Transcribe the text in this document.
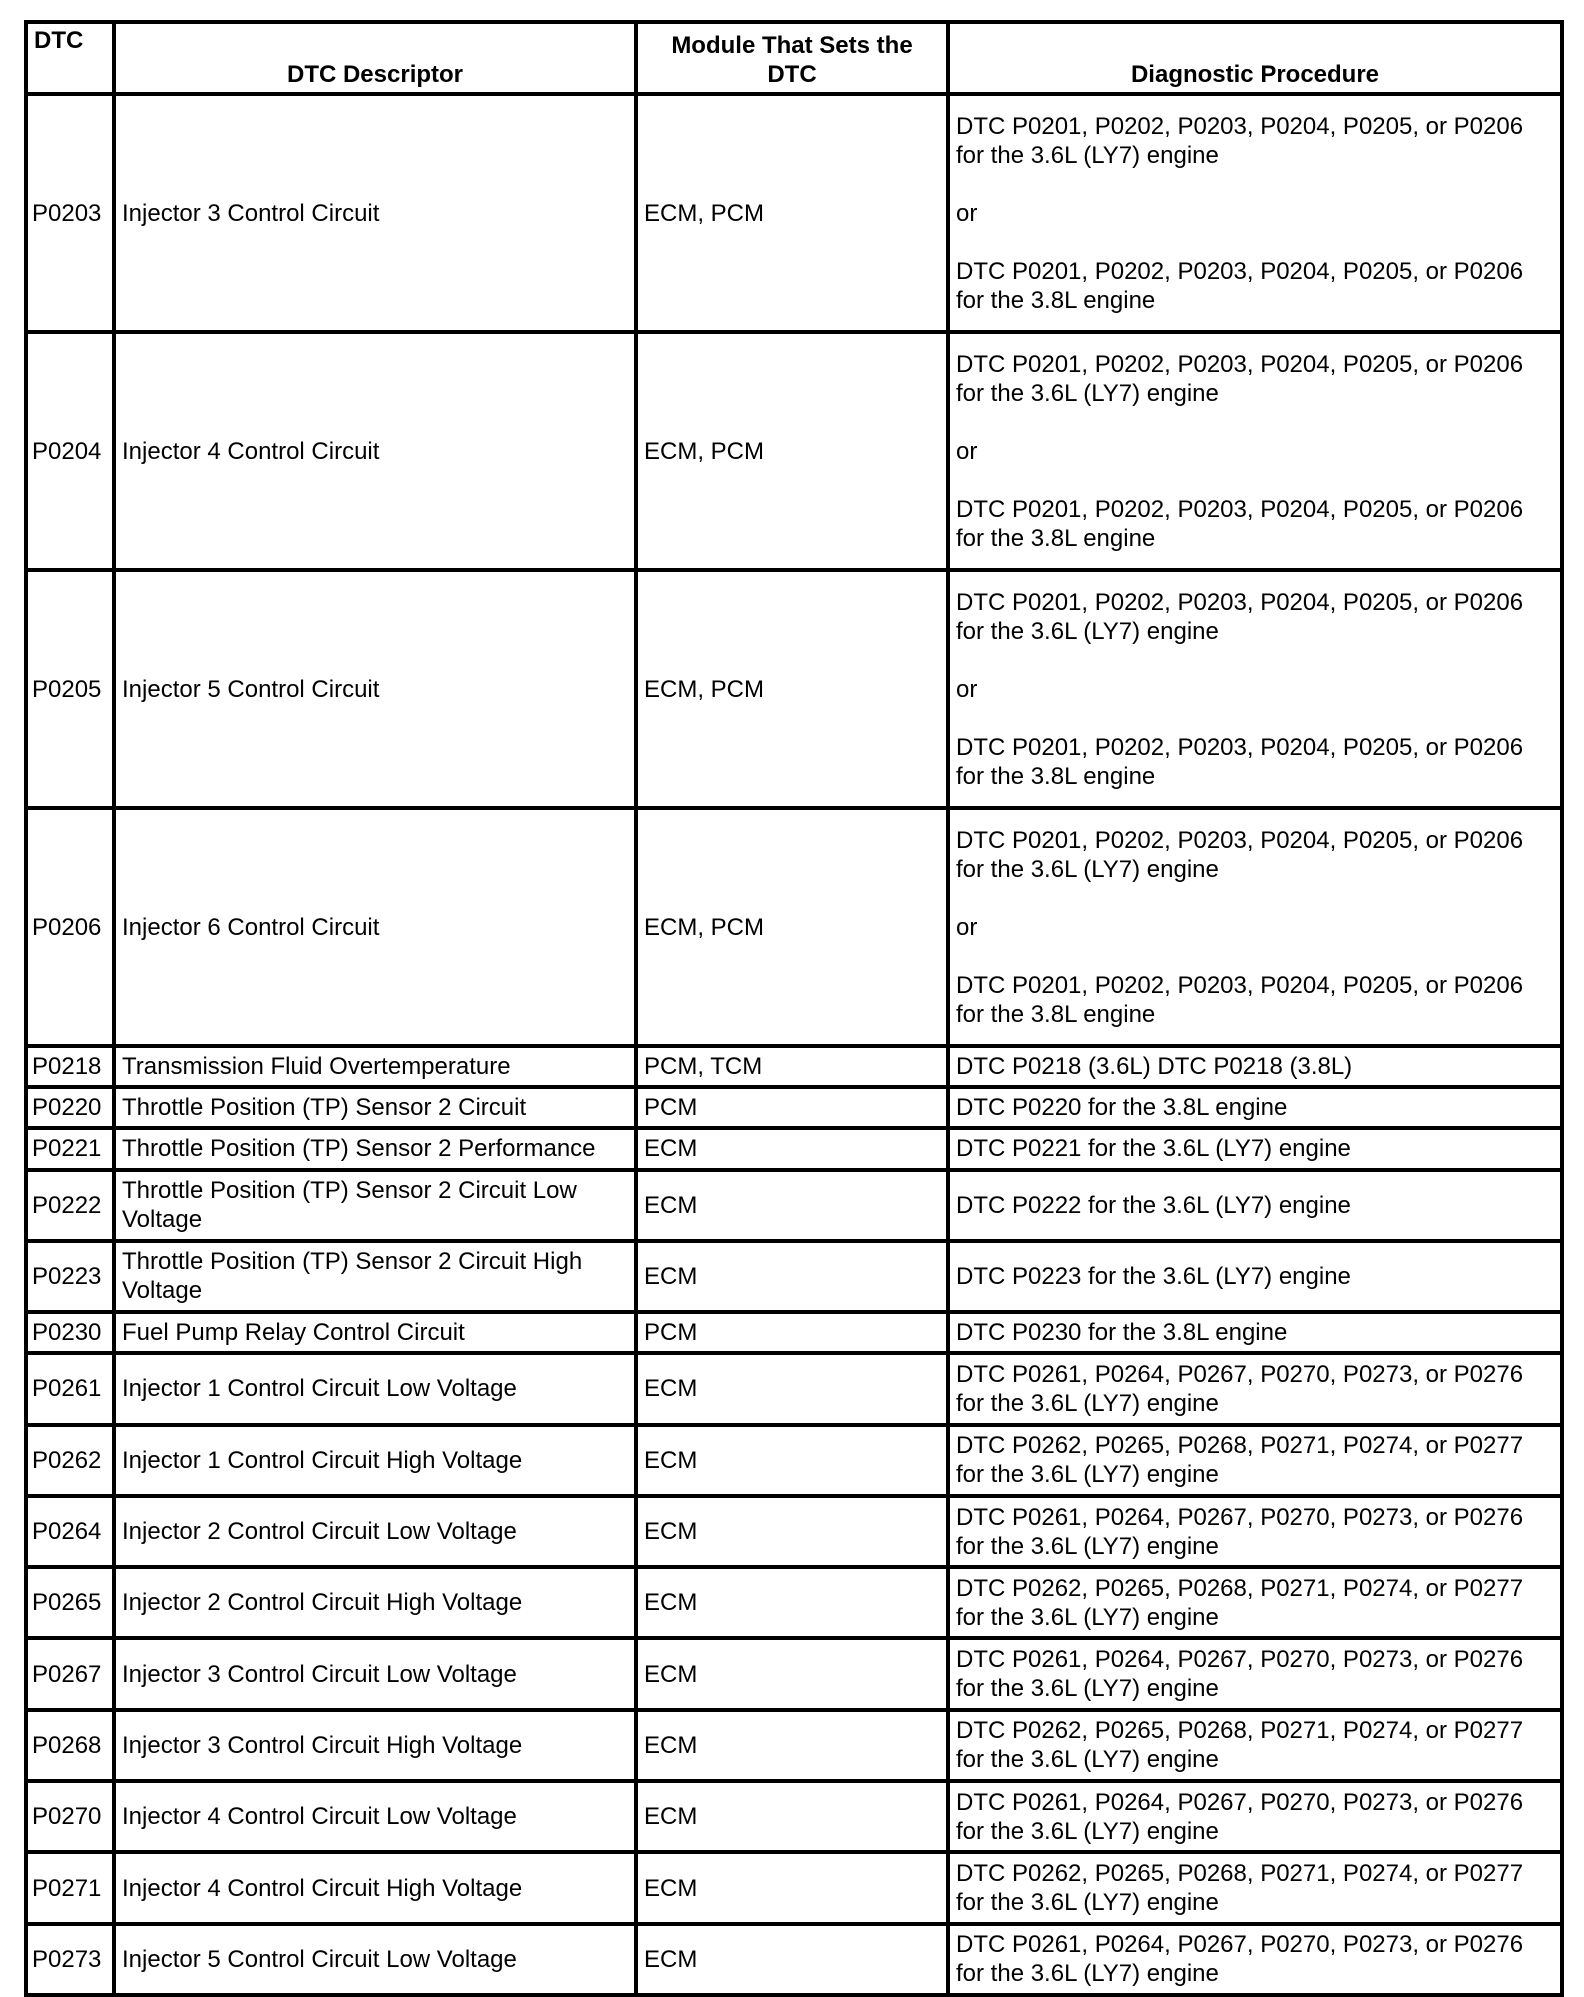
DTC	DTC Descriptor	Module That Sets the DTC	Diagnostic Procedure
P0203	Injector 3 Control Circuit	ECM, PCM	DTC P0201, P0202, P0203, P0204, P0205, or P0206 for the 3.6L (LY7) engine

or

DTC P0201, P0202, P0203, P0204, P0205, or P0206 for the 3.8L engine
P0204	Injector 4 Control Circuit	ECM, PCM	DTC P0201, P0202, P0203, P0204, P0205, or P0206 for the 3.6L (LY7) engine

or

DTC P0201, P0202, P0203, P0204, P0205, or P0206 for the 3.8L engine
P0205	Injector 5 Control Circuit	ECM, PCM	DTC P0201, P0202, P0203, P0204, P0205, or P0206 for the 3.6L (LY7) engine

or

DTC P0201, P0202, P0203, P0204, P0205, or P0206 for the 3.8L engine
P0206	Injector 6 Control Circuit	ECM, PCM	DTC P0201, P0202, P0203, P0204, P0205, or P0206 for the 3.6L (LY7) engine

or

DTC P0201, P0202, P0203, P0204, P0205, or P0206 for the 3.8L engine
P0218	Transmission Fluid Overtemperature	PCM, TCM	DTC P0218 (3.6L) DTC P0218 (3.8L)
P0220	Throttle Position (TP) Sensor 2 Circuit	PCM	DTC P0220 for the 3.8L engine
P0221	Throttle Position (TP) Sensor 2 Performance	ECM	DTC P0221 for the 3.6L (LY7) engine
P0222	Throttle Position (TP) Sensor 2 Circuit Low Voltage	ECM	DTC P0222 for the 3.6L (LY7) engine
P0223	Throttle Position (TP) Sensor 2 Circuit High Voltage	ECM	DTC P0223 for the 3.6L (LY7) engine
P0230	Fuel Pump Relay Control Circuit	PCM	DTC P0230 for the 3.8L engine
P0261	Injector 1 Control Circuit Low Voltage	ECM	DTC P0261, P0264, P0267, P0270, P0273, or P0276 for the 3.6L (LY7) engine
P0262	Injector 1 Control Circuit High Voltage	ECM	DTC P0262, P0265, P0268, P0271, P0274, or P0277 for the 3.6L (LY7) engine
P0264	Injector 2 Control Circuit Low Voltage	ECM	DTC P0261, P0264, P0267, P0270, P0273, or P0276 for the 3.6L (LY7) engine
P0265	Injector 2 Control Circuit High Voltage	ECM	DTC P0262, P0265, P0268, P0271, P0274, or P0277 for the 3.6L (LY7) engine
P0267	Injector 3 Control Circuit Low Voltage	ECM	DTC P0261, P0264, P0267, P0270, P0273, or P0276 for the 3.6L (LY7) engine
P0268	Injector 3 Control Circuit High Voltage	ECM	DTC P0262, P0265, P0268, P0271, P0274, or P0277 for the 3.6L (LY7) engine
P0270	Injector 4 Control Circuit Low Voltage	ECM	DTC P0261, P0264, P0267, P0270, P0273, or P0276 for the 3.6L (LY7) engine
P0271	Injector 4 Control Circuit High Voltage	ECM	DTC P0262, P0265, P0268, P0271, P0274, or P0277 for the 3.6L (LY7) engine
P0273	Injector 5 Control Circuit Low Voltage	ECM	DTC P0261, P0264, P0267, P0270, P0273, or P0276 for the 3.6L (LY7) engine
